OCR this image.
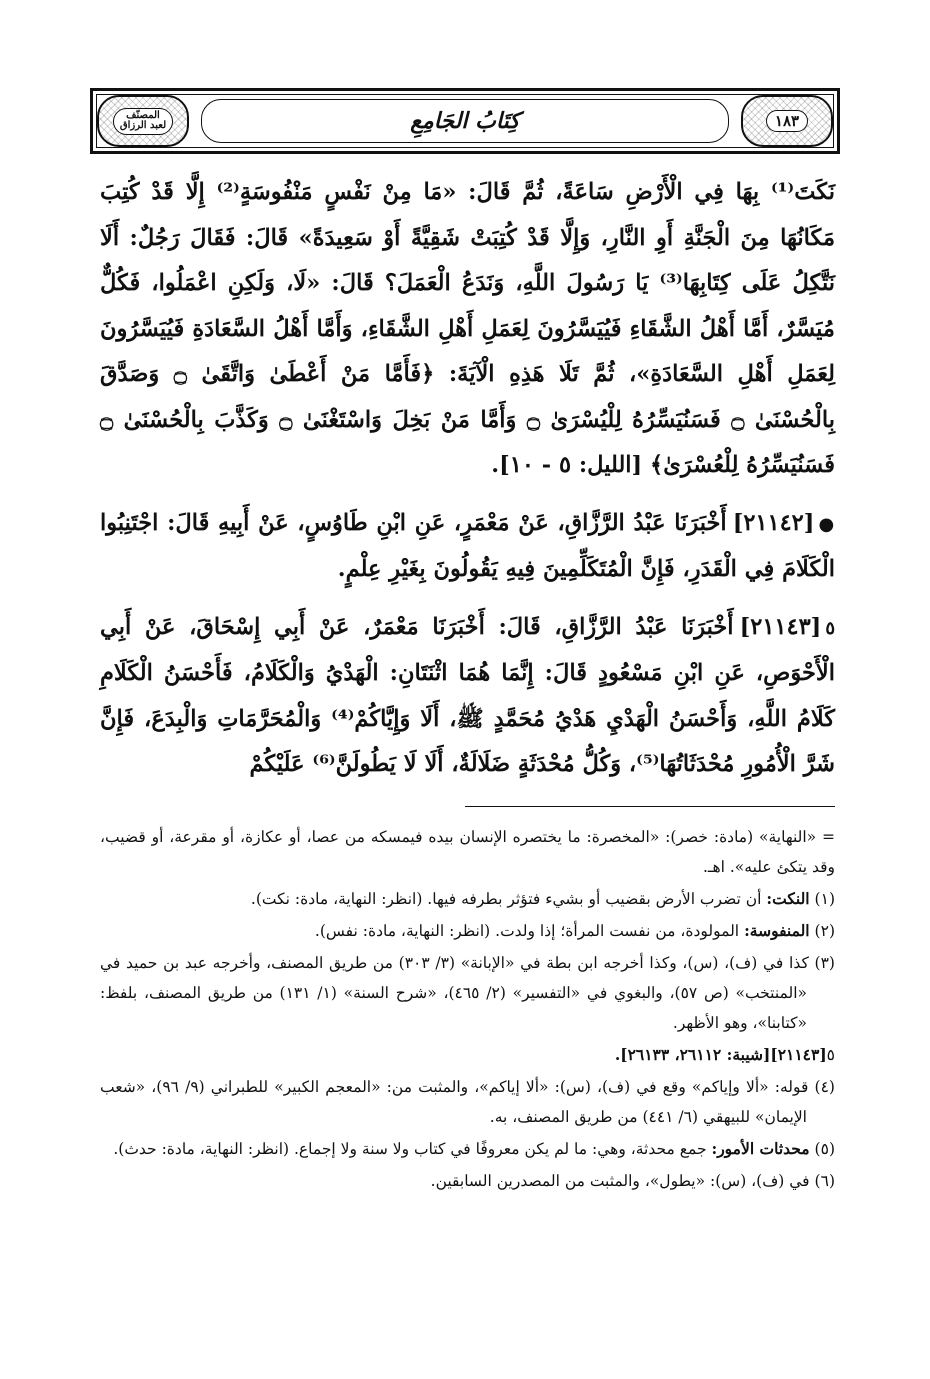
١٨٣
كِتَابُ الجَامِعِ
المصنّف
لعبد الرزاق

نَكَتَ⁽¹⁾ بِهَا فِي الْأَرْضِ سَاعَةً، ثُمَّ قَالَ: «مَا مِنْ نَفْسٍ مَنْفُوسَةٍ⁽²⁾ إِلَّا قَدْ كُتِبَ مَكَانُهَا مِنَ الْجَنَّةِ أَوِ النَّارِ، وَإِلَّا قَدْ كُتِبَتْ شَقِيَّةً أَوْ سَعِيدَةً» قَالَ: فَقَالَ رَجُلٌ: أَلَا نَتَّكِلُ عَلَى كِتَابِهَا⁽³⁾ يَا رَسُولَ اللَّهِ، وَنَدَعُ الْعَمَلَ؟ قَالَ: «لَا، وَلَكِنِ اعْمَلُوا، فَكُلٌّ مُيَسَّرٌ، أَمَّا أَهْلُ الشَّقَاءِ فَيُيَسَّرُونَ لِعَمَلِ أَهْلِ الشَّقَاءِ، وَأَمَّا أَهْلُ السَّعَادَةِ فَيُيَسَّرُونَ لِعَمَلِ أَهْلِ السَّعَادَةِ»، ثُمَّ تَلَا هَذِهِ الْآيَةَ: ﴿فَأَمَّا مَنْ أَعْطَىٰ وَاتَّقَىٰ ۝ وَصَدَّقَ بِالْحُسْنَىٰ ۝ فَسَنُيَسِّرُهُ لِلْيُسْرَىٰ ۝ وَأَمَّا مَنْ بَخِلَ وَاسْتَغْنَىٰ ۝ وَكَذَّبَ بِالْحُسْنَىٰ ۝ فَسَنُيَسِّرُهُ لِلْعُسْرَىٰ﴾ [الليل: ٥ - ١٠].

●[٢١١٤٢]أَخْبَرَنَا عَبْدُ الرَّزَّاقِ، عَنْ مَعْمَرٍ، عَنِ ابْنِ طَاوُسٍ، عَنْ أَبِيهِ قَالَ: اجْتَنِبُوا الْكَلَامَ فِي الْقَدَرِ، فَإِنَّ الْمُتَكَلِّمِينَ فِيهِ يَقُولُونَ بِغَيْرِ عِلْمٍ.

٥[٢١١٤٣]أَخْبَرَنَا عَبْدُ الرَّزَّاقِ، قَالَ: أَخْبَرَنَا مَعْمَرٌ، عَنْ أَبِي إِسْحَاقَ، عَنْ أَبِي الْأَحْوَصِ، عَنِ ابْنِ مَسْعُودٍ قَالَ: إِنَّمَا هُمَا اثْنَتَانِ: الْهَدْيُ وَالْكَلَامُ، فَأَحْسَنُ الْكَلَامِ كَلَامُ اللَّهِ، وَأَحْسَنُ الْهَدْيِ هَدْيُ مُحَمَّدٍ ﷺ، أَلَا وَإِيَّاكُمْ⁽⁴⁾ وَالْمُحَرَّمَاتِ وَالْبِدَعَ، فَإِنَّ شَرَّ الْأُمُورِ مُحْدَثَاتُهَا⁽⁵⁾، وَكُلُّ مُحْدَثَةٍ ضَلَالَةٌ، أَلَا لَا يَطُولَنَّ⁽⁶⁾ عَلَيْكُمْ

= «النهاية» (مادة: خصر): «المخصرة: ما يختصره الإنسان بيده فيمسكه من عصا، أو عكازة، أو مقرعة، أو قضيب، وقد يتكئ عليه». اهـ.

(١) النكت: أن تضرب الأرض بقضيب أو بشيء فتؤثر بطرفه فيها. (انظر: النهاية، مادة: نكت).

(٢) المنفوسة: المولودة، من نفست المرأة؛ إذا ولدت. (انظر: النهاية، مادة: نفس).

(٣) كذا في (ف)، (س)، وكذا أخرجه ابن بطة في «الإبانة» (٣/ ٣٠٣) من طريق المصنف، وأخرجه عبد بن حميد في «المنتخب» (ص ٥٧)، والبغوي في «التفسير» (٢/ ٤٦٥)، «شرح السنة» (١/ ١٣١) من طريق المصنف، بلفظ: «كتابنا»، وهو الأظهر.

٥[٢١١٤٣][شيبة: ٢٦١١٢، ٢٦١٣٣].

(٤) قوله: «ألا وإياكم» وقع في (ف)، (س): «ألا إياكم»، والمثبت من: «المعجم الكبير» للطبراني (٩/ ٩٦)، «شعب الإيمان» للبيهقي (٦/ ٤٤١) من طريق المصنف، به.

(٥) محدثات الأمور: جمع محدثة، وهي: ما لم يكن معروفًا في كتاب ولا سنة ولا إجماع. (انظر: النهاية، مادة: حدث).

(٦) في (ف)، (س): «يطول»، والمثبت من المصدرين السابقين.
